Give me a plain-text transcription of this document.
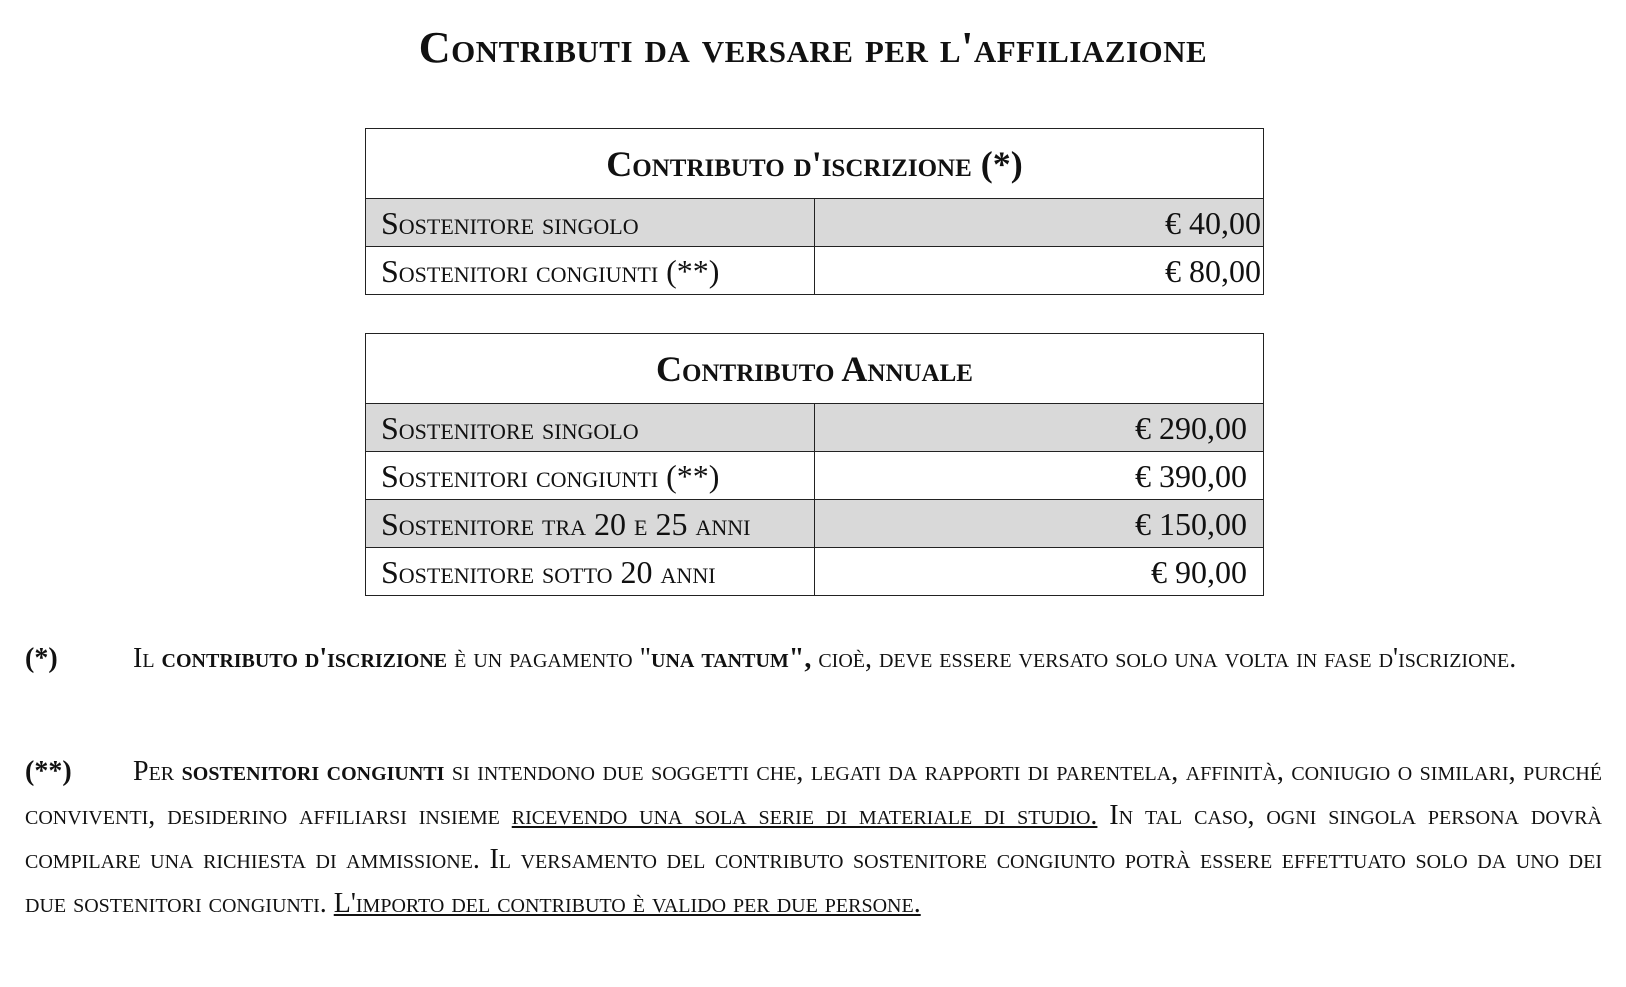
Contributi da versare per l'affiliazione
Contributo d'iscrizione (*)	
Sostenitore singolo	€ 40,00
Sostenitori congiunti (**)	€ 80,00
Contributo Annuale	
Sostenitore singolo	€ 290,00
Sostenitori congiunti (**)	€ 390,00
Sostenitore tra 20 e 25 anni	€ 150,00
Sostenitore sotto 20 anni	€ 90,00
(*)	Il contributo d'iscrizione è un pagamento "una tantum", cioè, deve essere versato solo una volta in fase d'iscrizione.
(**) Per sostenitori congiunti si intendono due soggetti che, legati da rapporti di parentela, affinità, coniugio o similari, purché conviventi, desiderino affiliarsi insieme ricevendo una sola serie di materiale di studio. In tal caso, ogni singola persona dovrà compilare una richiesta di ammissione. Il versamento del contributo sostenitore congiunto potrà essere effettuato solo da uno dei due sostenitori congiunti. L'importo del contributo è valido per due persone.
